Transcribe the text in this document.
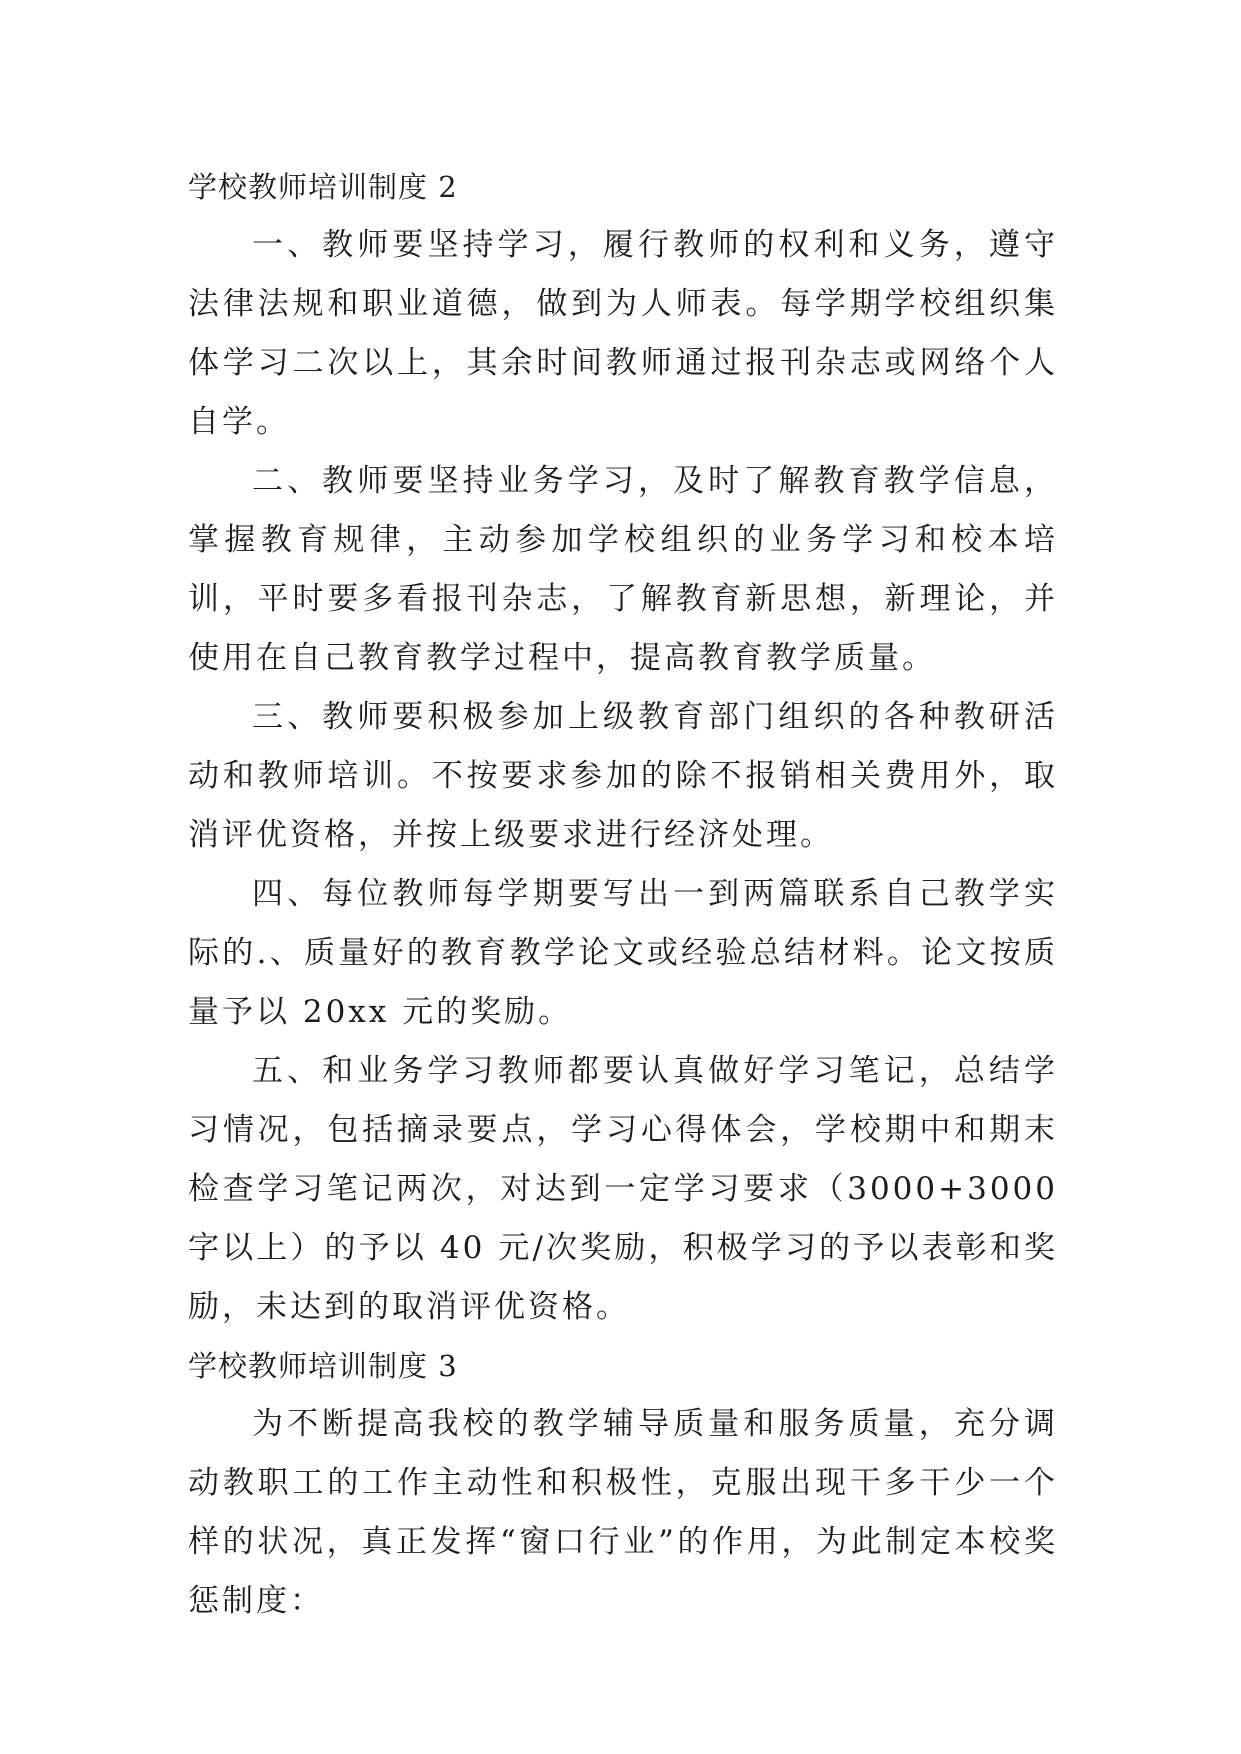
学校教师培训制度 2

一、教师要坚持学习，履行教师的权利和义务，遵守法律法规和职业道德，做到为人师表。每学期学校组织集体学习二次以上，其余时间教师通过报刊杂志或网络个人自学。

二、教师要坚持业务学习，及时了解教育教学信息，掌握教育规律，主动参加学校组织的业务学习和校本培训，平时要多看报刊杂志，了解教育新思想，新理论，并使用在自己教育教学过程中，提高教育教学质量。

三、教师要积极参加上级教育部门组织的各种教研活动和教师培训。不按要求参加的除不报销相关费用外，取消评优资格，并按上级要求进行经济处理。

四、每位教师每学期要写出一到两篇联系自己教学实际的.、质量好的教育教学论文或经验总结材料。论文按质量予以 20xx 元的奖励。

五、和业务学习教师都要认真做好学习笔记，总结学习情况，包括摘录要点，学习心得体会，学校期中和期末检查学习笔记两次，对达到一定学习要求（3000+3000 字以上）的予以 40 元/次奖励，积极学习的予以表彰和奖励，未达到的取消评优资格。

学校教师培训制度 3

为不断提高我校的教学辅导质量和服务质量，充分调动教职工的工作主动性和积极性，克服出现干多干少一个样的状况，真正发挥“窗口行业”的作用，为此制定本校奖惩制度：
